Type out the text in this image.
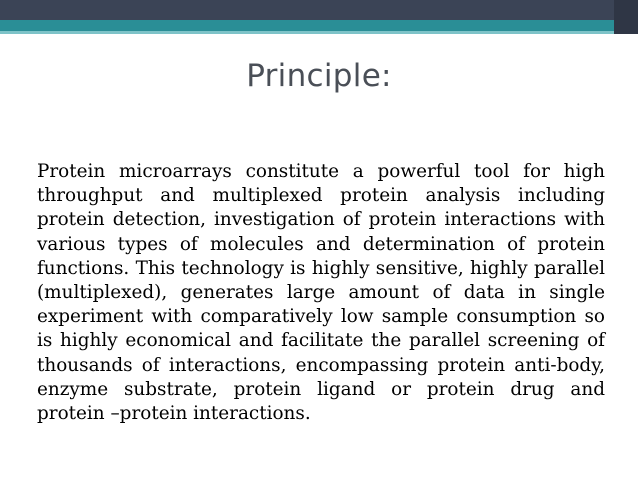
Principle:

Protein microarrays constitute a powerful tool for high throughput and multiplexed protein analysis including protein detection, investigation of protein interactions with various types of molecules and determination of protein functions. This technology is highly sensitive, highly parallel (multiplexed), generates large amount of data in single experiment with comparatively low sample consumption so is highly economical and facilitate the parallel screening of thousands of interactions, encompassing protein anti-body, enzyme substrate, protein ligand or protein drug and protein –protein interactions.
